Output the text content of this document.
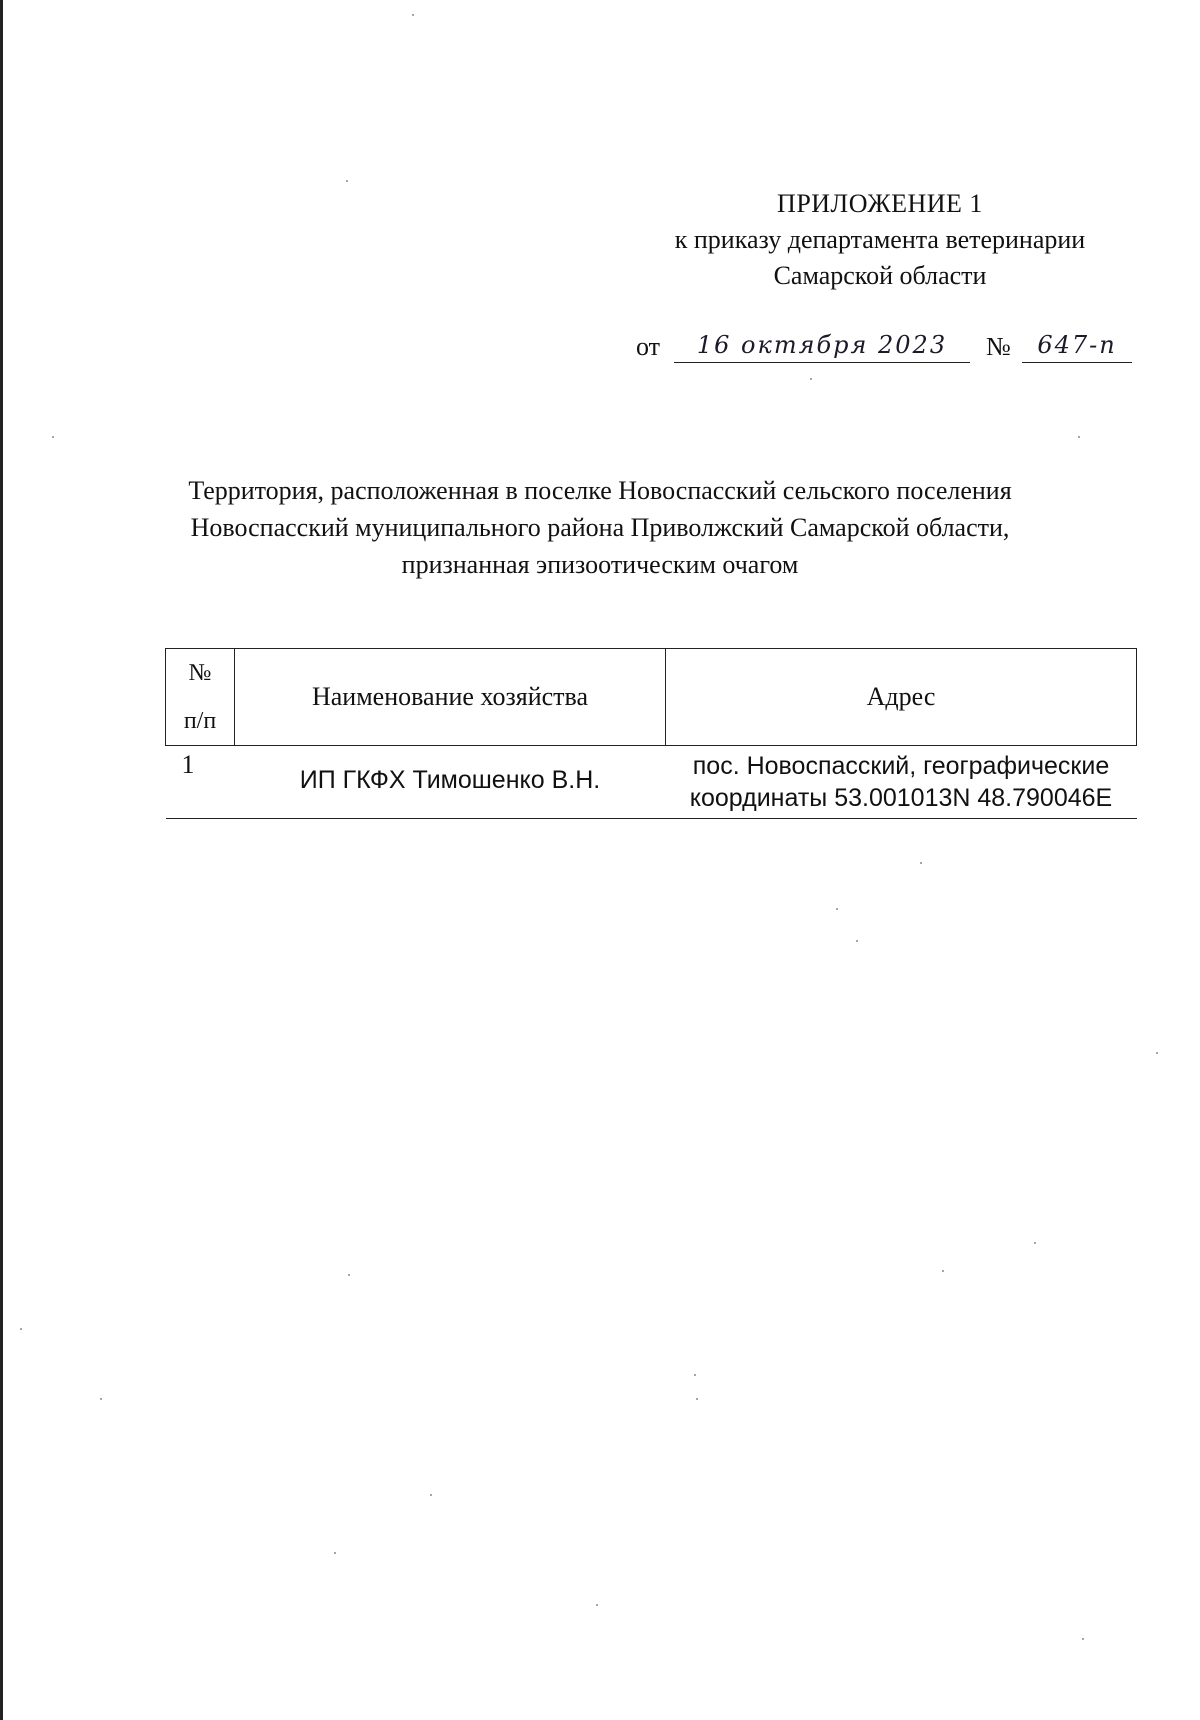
ПРИЛОЖЕНИЕ 1
к приказу департамента ветеринарии
Самарской области
от	16 октября 2023	№	647-п
Территория, расположенная в поселке Новоспасский сельского поселения
Новоспасский муниципального района Приволжский Самарской области,
признанная эпизоотическим очагом
№
п/п	Наименование хозяйства	Адрес
1	ИП ГКФХ Тимошенко В.Н.	пос. Новоспасский, географические
координаты 53.001013N 48.790046E
